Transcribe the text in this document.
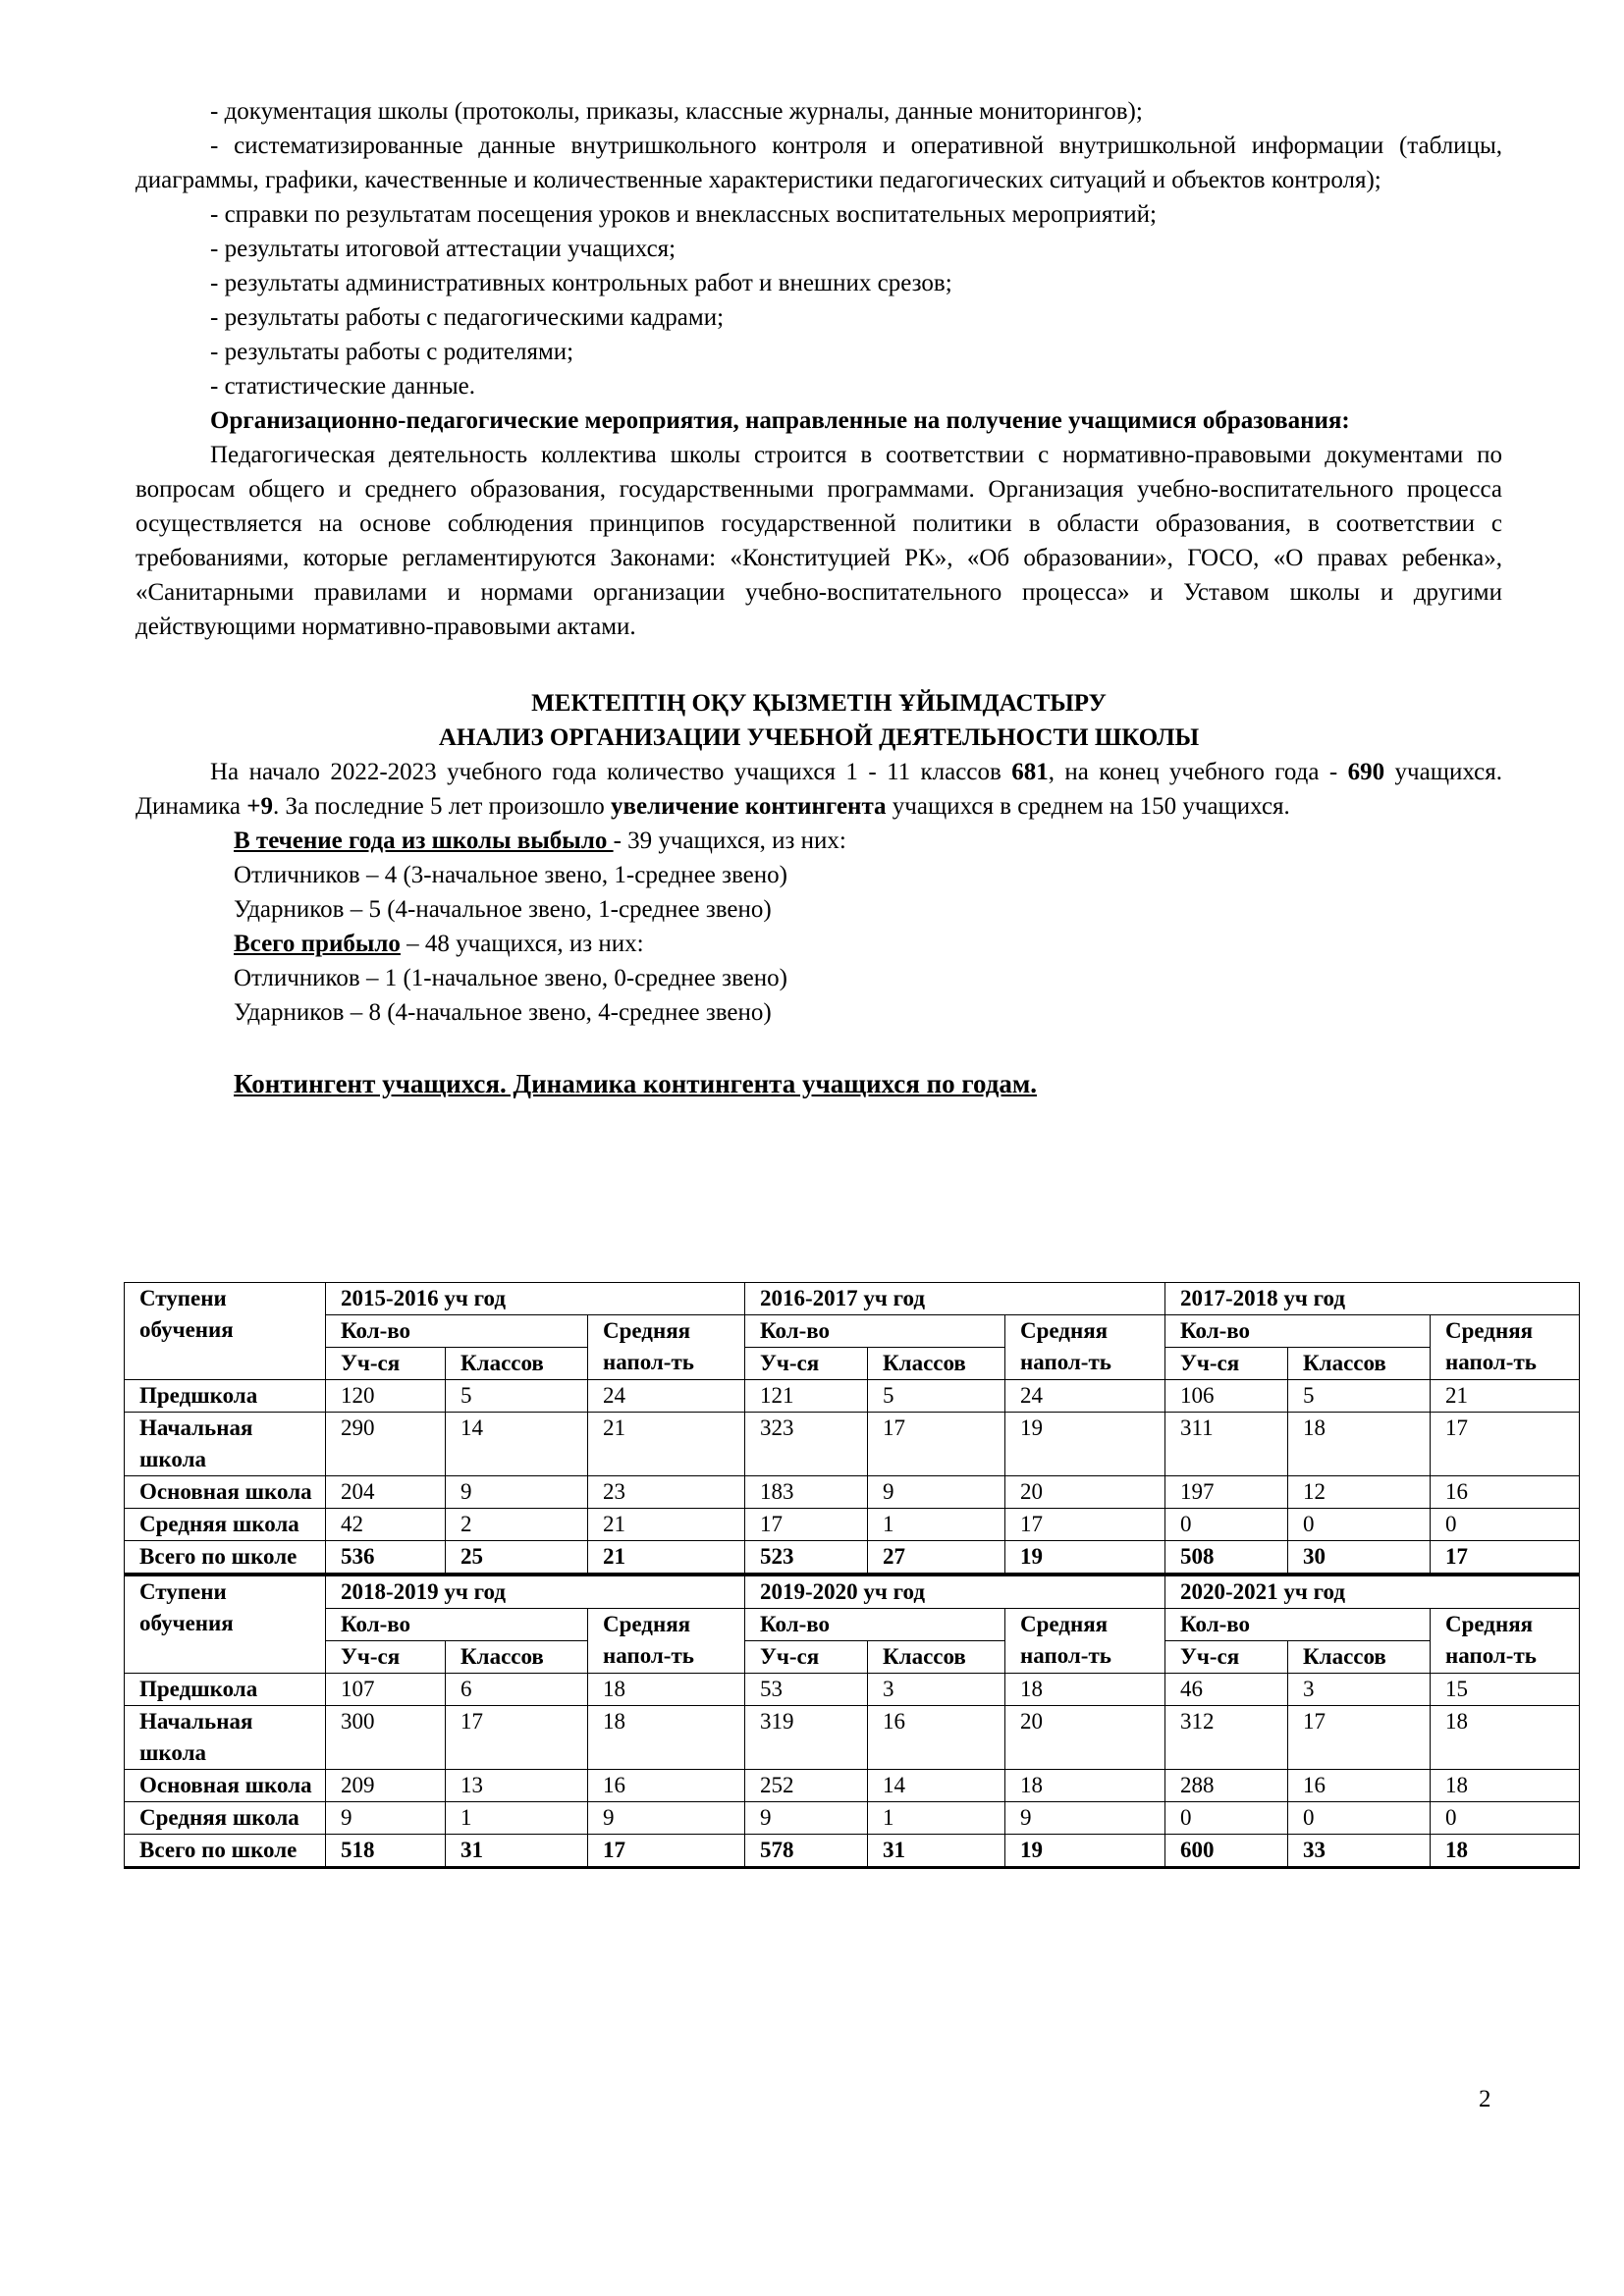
- документация школы (протоколы, приказы, классные журналы, данные мониторингов);

- систематизированные данные внутришкольного контроля и оперативной внутришкольной информации (таблицы, диаграммы, графики, качественные и количественные характеристики педагогических ситуаций и объектов контроля);

- справки по результатам посещения уроков и внеклассных воспитательных мероприятий;

- результаты итоговой аттестации учащихся;

- результаты административных контрольных работ и внешних срезов;

- результаты работы с педагогическими кадрами;

- результаты работы с родителями;

- статистические данные.

Организационно-педагогические мероприятия, направленные на получение учащимися образования:

Педагогическая деятельность коллектива школы строится в соответствии с нормативно-правовыми документами по вопросам общего и среднего образования, государственными программами. Организация учебно-воспитательного процесса осуществляется на основе соблюдения принципов государственной политики в области образования, в соответствии с требованиями, которые регламентируются Законами: «Конституцией РК», «Об образовании», ГОСО, «О правах ребенка», «Санитарными правилами и нормами организации учебно-воспитательного процесса» и Уставом школы и другими действующими нормативно-правовыми актами.

МЕКТЕПТІҢ ОҚУ ҚЫЗМЕТІН ҰЙЫМДАСТЫРУ

АНАЛИЗ ОРГАНИЗАЦИИ УЧЕБНОЙ ДЕЯТЕЛЬНОСТИ ШКОЛЫ

На начало 2022-2023 учебного года количество учащихся 1 - 11 классов 681, на конец учебного года - 690 учащихся. Динамика +9. За последние 5 лет произошло увеличение контингента учащихся в среднем на 150 учащихся.

В течение года из школы выбыло - 39 учащихся, из них:

Отличников – 4 (3-начальное звено, 1-среднее звено)

Ударников – 5 (4-начальное звено, 1-среднее звено)

Всего прибыло – 48 учащихся, из них:

Отличников – 1 (1-начальное звено, 0-среднее звено)

Ударников – 8 (4-начальное звено, 4-среднее звено)

Контингент учащихся. Динамика контингента учащихся по годам.

Ступени обучения	2015-2016 уч год			2016-2017 уч год			2017-2018 уч год		
	Кол-во		Средняя напол-ть	Кол-во		Средняя напол-ть	Кол-во		Средняя напол-ть
	Уч-ся	Классов		Уч-ся	Классов		Уч-ся	Классов	
Предшкола	120	5	24	121	5	24	106	5	21
Начальная школа	290	14	21	323	17	19	311	18	17
Основная школа	204	9	23	183	9	20	197	12	16
Средняя школа	42	2	21	17	1	17	0	0	0
Всего по школе	536	25	21	523	27	19	508	30	17
Ступени обучения	2018-2019 уч год			2019-2020 уч год			2020-2021 уч год		
	Кол-во		Средняя напол-ть	Кол-во		Средняя напол-ть	Кол-во		Средняя напол-ть
	Уч-ся	Классов		Уч-ся	Классов		Уч-ся	Классов	
Предшкола	107	6	18	53	3	18	46	3	15
Начальная школа	300	17	18	319	16	20	312	17	18
Основная школа	209	13	16	252	14	18	288	16	18
Средняя школа	9	1	9	9	1	9	0	0	0
Всего по школе	518	31	17	578	31	19	600	33	18
2
